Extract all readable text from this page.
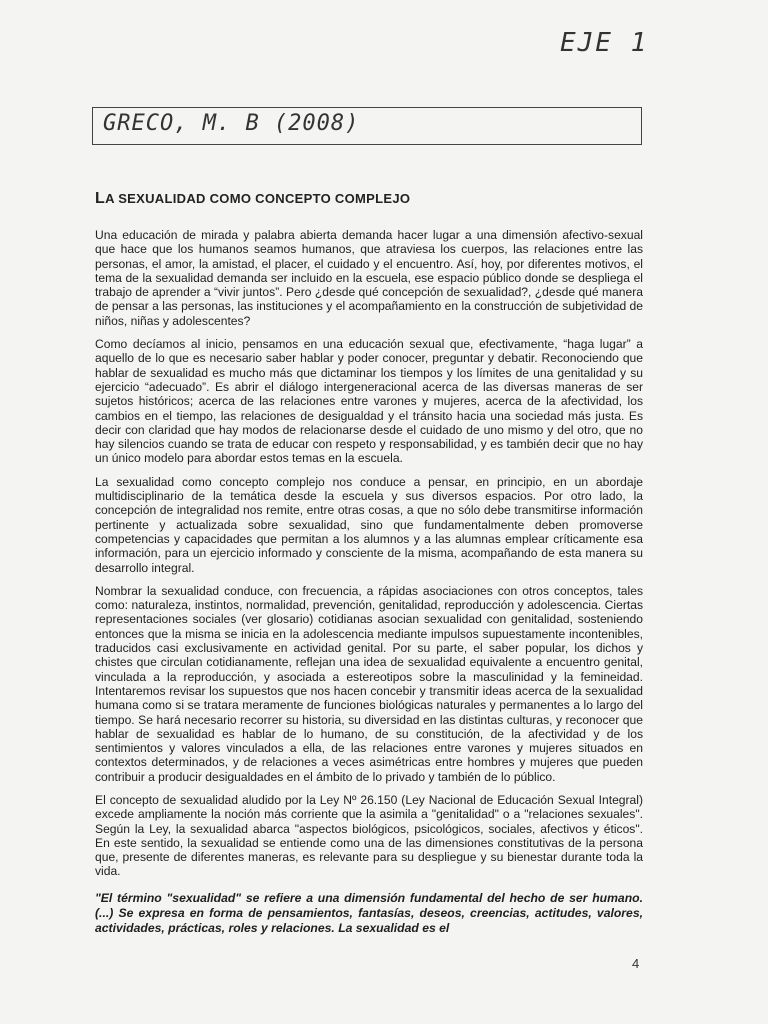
EJE 1
GRECO, M. B (2008)
LA SEXUALIDAD COMO CONCEPTO COMPLEJO

Una educación de mirada y palabra abierta demanda hacer lugar a una dimensión afectivo-sexual que hace que los humanos seamos humanos, que atraviesa los cuerpos, las relaciones entre las personas, el amor, la amistad, el placer, el cuidado y el encuentro. Así, hoy, por diferentes motivos, el tema de la sexualidad demanda ser incluido en la escuela, ese espacio público donde se despliega el trabajo de aprender a “vivir juntos”. Pero ¿desde qué concepción de sexualidad?, ¿desde qué manera de pensar a las personas, las instituciones y el acompañamiento en la construcción de subjetividad de niños, niñas y adolescentes?

Como decíamos al inicio, pensamos en una educación sexual que, efectivamente, “haga lugar” a aquello de lo que es necesario saber hablar y poder conocer, preguntar y debatir. Reconociendo que hablar de sexualidad es mucho más que dictaminar los tiempos y los límites de una genitalidad y su ejercicio “adecuado”. Es abrir el diálogo intergeneracional acerca de las diversas maneras de ser sujetos históricos; acerca de las relaciones entre varones y mujeres, acerca de la afectividad, los cambios en el tiempo, las relaciones de desigualdad y el tránsito hacia una sociedad más justa. Es decir con claridad que hay modos de relacionarse desde el cuidado de uno mismo y del otro, que no hay silencios cuando se trata de educar con respeto y responsabilidad, y es también decir que no hay un único modelo para abordar estos temas en la escuela.

La sexualidad como concepto complejo nos conduce a pensar, en principio, en un abordaje multidisciplinario de la temática desde la escuela y sus diversos espacios. Por otro lado, la concepción de integralidad nos remite, entre otras cosas, a que no sólo debe transmitirse información pertinente y actualizada sobre sexualidad, sino que fundamentalmente deben promoverse competencias y capacidades que permitan a los alumnos y a las alumnas emplear críticamente esa información, para un ejercicio informado y consciente de la misma, acompañando de esta manera su desarrollo integral.

Nombrar la sexualidad conduce, con frecuencia, a rápidas asociaciones con otros conceptos, tales como: naturaleza, instintos, normalidad, prevención, genitalidad, reproducción y adolescencia. Ciertas representaciones sociales (ver glosario) cotidianas asocian sexualidad con genitalidad, sosteniendo entonces que la misma se inicia en la adolescencia mediante impulsos supuestamente incontenibles, traducidos casi exclusivamente en actividad genital. Por su parte, el saber popular, los dichos y chistes que circulan cotidianamente, reflejan una idea de sexualidad equivalente a encuentro genital, vinculada a la reproducción, y asociada a estereotipos sobre la masculinidad y la femineidad. Intentaremos revisar los supuestos que nos hacen concebir y transmitir ideas acerca de la sexualidad humana como si se tratara meramente de funciones biológicas naturales y permanentes a lo largo del tiempo. Se hará necesario recorrer su historia, su diversidad en las distintas culturas, y reconocer que hablar de sexualidad es hablar de lo humano, de su constitución, de la afectividad y de los sentimientos y valores vinculados a ella, de las relaciones entre varones y mujeres situados en contextos determinados, y de relaciones a veces asimétricas entre hombres y mujeres que pueden contribuir a producir desigualdades en el ámbito de lo privado y también de lo público.

El concepto de sexualidad aludido por la Ley Nº 26.150 (Ley Nacional de Educación Sexual Integral) excede ampliamente la noción más corriente que la asimila a "genitalidad" o a "relaciones sexuales". Según la Ley, la sexualidad abarca "aspectos biológicos, psicológicos, sociales, afectivos y éticos". En este sentido, la sexualidad se entiende como una de las dimensiones constitutivas de la persona que, presente de diferentes maneras, es relevante para su despliegue y su bienestar durante toda la vida.

"El término "sexualidad" se refiere a una dimensión fundamental del hecho de ser humano. (...) Se expresa en forma de pensamientos, fantasías, deseos, creencias, actitudes, valores, actividades, prácticas, roles y relaciones. La sexualidad es el

4
